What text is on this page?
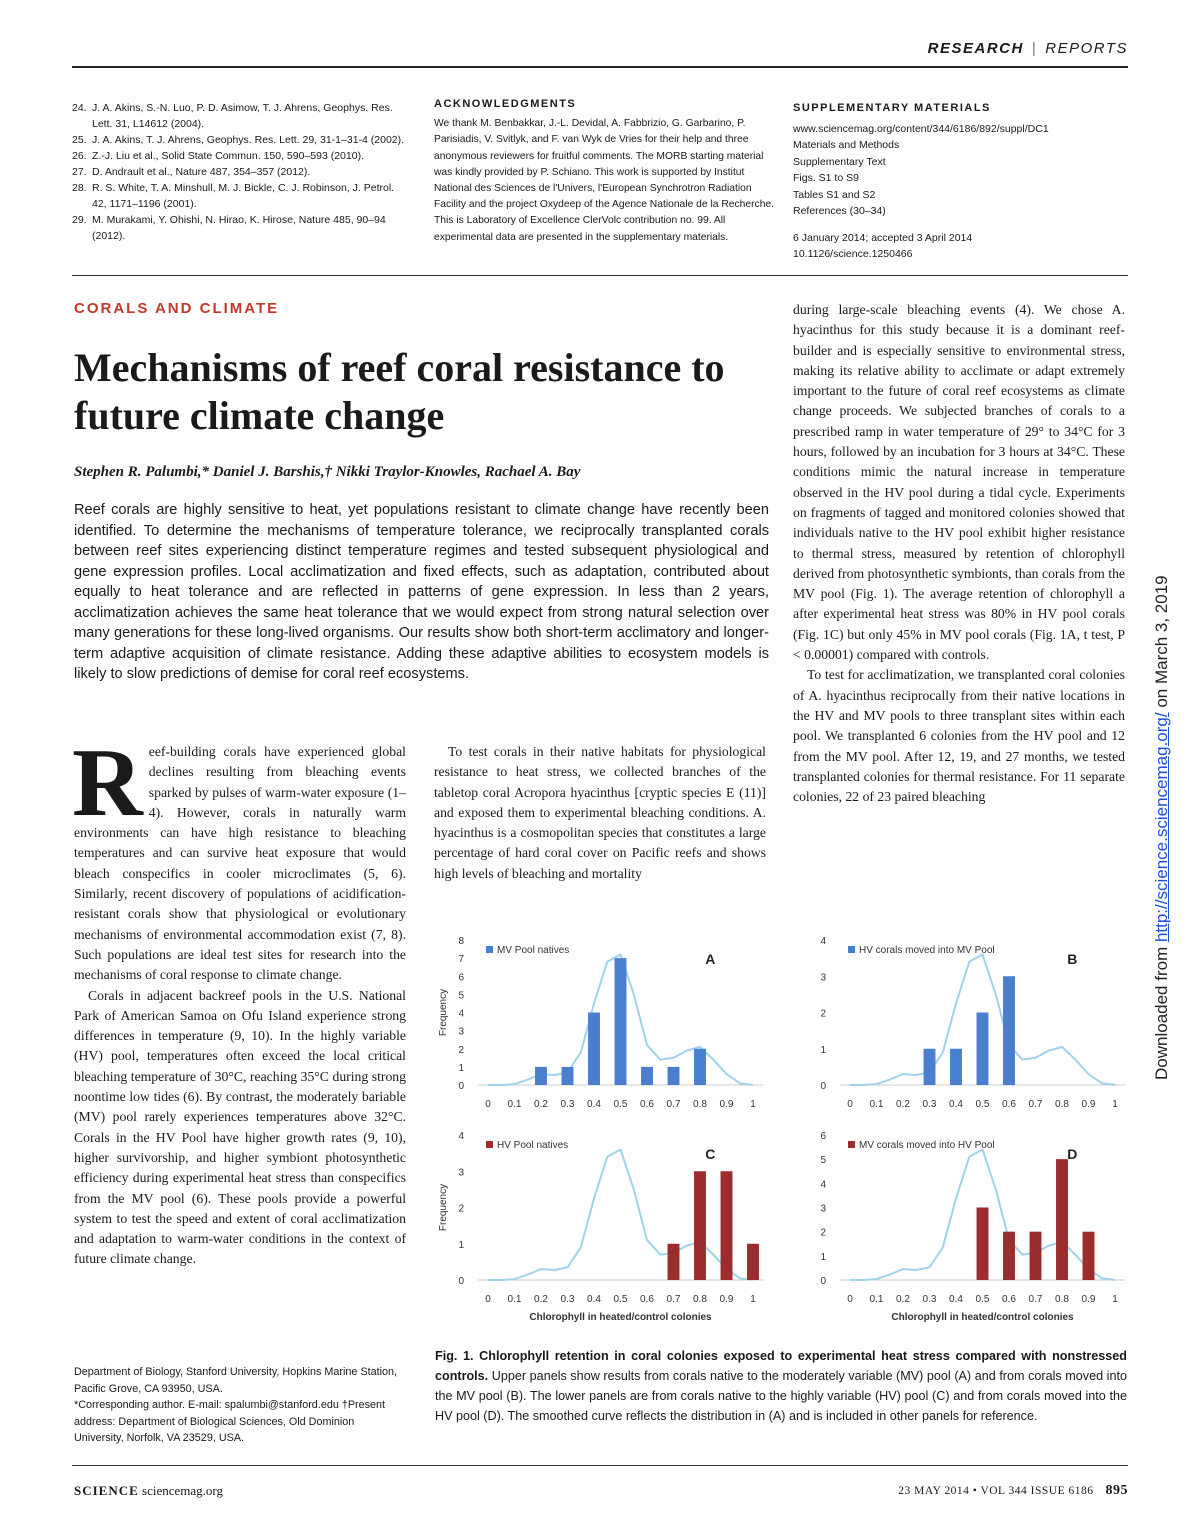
RESEARCH | REPORTS
24. J. A. Akins, S.-N. Luo, P. D. Asimow, T. J. Ahrens, Geophys. Res. Lett. 31, L14612 (2004).
25. J. A. Akins, T. J. Ahrens, Geophys. Res. Lett. 29, 31-1–31-4 (2002).
26. Z.-J. Liu et al., Solid State Commun. 150, 590–593 (2010).
27. D. Andrault et al., Nature 487, 354–357 (2012).
28. R. S. White, T. A. Minshull, M. J. Bickle, C. J. Robinson, J. Petrol. 42, 1171–1196 (2001).
29. M. Murakami, Y. Ohishi, N. Hirao, K. Hirose, Nature 485, 90–94 (2012).
ACKNOWLEDGMENTS
We thank M. Benbakkar, J.-L. Devidal, A. Fabbrizio, G. Garbarino, P. Parisiadis, V. Svitlyk, and F. van Wyk de Vries for their help and three anonymous reviewers for fruitful comments. The MORB starting material was kindly provided by P. Schiano. This work is supported by Institut National des Sciences de l'Univers, l'European Synchrotron Radiation Facility and the project Oxydeep of the Agence Nationale de la Recherche. This is Laboratory of Excellence ClerVolc contribution no. 99. All experimental data are presented in the supplementary materials.
SUPPLEMENTARY MATERIALS
www.sciencemag.org/content/344/6186/892/suppl/DC1
Materials and Methods
Supplementary Text
Figs. S1 to S9
Tables S1 and S2
References (30–34)
6 January 2014; accepted 3 April 2014
10.1126/science.1250466
CORALS AND CLIMATE
Mechanisms of reef coral resistance to future climate change
Stephen R. Palumbi,* Daniel J. Barshis,† Nikki Traylor-Knowles, Rachael A. Bay
Reef corals are highly sensitive to heat, yet populations resistant to climate change have recently been identified. To determine the mechanisms of temperature tolerance, we reciprocally transplanted corals between reef sites experiencing distinct temperature regimes and tested subsequent physiological and gene expression profiles. Local acclimatization and fixed effects, such as adaptation, contributed about equally to heat tolerance and are reflected in patterns of gene expression. In less than 2 years, acclimatization achieves the same heat tolerance that we would expect from strong natural selection over many generations for these long-lived organisms. Our results show both short-term acclimatory and longer-term adaptive acquisition of climate resistance. Adding these adaptive abilities to ecosystem models is likely to slow predictions of demise for coral reef ecosystems.

Reef-building corals have experienced global declines resulting from bleaching events sparked by pulses of warm-water exposure (1–4). However, corals in naturally warm environments can have high resistance to bleaching temperatures and can survive heat exposure that would bleach conspecifics in cooler microclimates (5, 6). Similarly, recent discovery of populations of acidification-resistant corals show that physiological or evolutionary mechanisms of environmental accommodation exist (7, 8). Such populations are ideal test sites for research into the mechanisms of coral response to climate change.

Corals in adjacent backreef pools in the U.S. National Park of American Samoa on Ofu Island experience strong differences in temperature (9, 10). In the highly variable (HV) pool, temperatures often exceed the local critical bleaching temperature of 30°C, reaching 35°C during strong noontime low tides (6). By contrast, the moderately bariable (MV) pool rarely experiences temperatures above 32°C. Corals in the HV Pool have higher growth rates (9, 10), higher survivorship, and higher symbiont photosynthetic efficiency during experimental heat stress than conspecifics from the MV pool (6). These pools provide a powerful system to test the speed and extent of coral acclimatization and adaptation to warm-water conditions in the context of future climate change.

To test corals in their native habitats for physiological resistance to heat stress, we collected branches of the tabletop coral Acropora hyacinthus [cryptic species E (11)] and exposed them to experimental bleaching conditions. A. hyacinthus is a cosmopolitan species that constitutes a large percentage of hard coral cover on Pacific reefs and shows high levels of bleaching and mortality

during large-scale bleaching events (4). We chose A. hyacinthus for this study because it is a dominant reef-builder and is especially sensitive to environmental stress, making its relative ability to acclimate or adapt extremely important to the future of coral reef ecosystems as climate change proceeds. We subjected branches of corals to a prescribed ramp in water temperature of 29° to 34°C for 3 hours, followed by an incubation for 3 hours at 34°C. These conditions mimic the natural increase in temperature observed in the HV pool during a tidal cycle. Experiments on fragments of tagged and monitored colonies showed that individuals native to the HV pool exhibit higher resistance to thermal stress, measured by retention of chlorophyll derived from photosynthetic symbionts, than corals from the MV pool (Fig. 1). The average retention of chlorophyll a after experimental heat stress was 80% in HV pool corals (Fig. 1C) but only 45% in MV pool corals (Fig. 1A, t test, P < 0.00001) compared with controls.

To test for acclimatization, we transplanted coral colonies of A. hyacinthus reciprocally from their native locations in the HV and MV pools to three transplant sites within each pool. We transplanted 6 colonies from the HV pool and 12 from the MV pool. After 12, 19, and 27 months, we tested transplanted colonies for thermal resistance. For 11 separate colonies, 22 of 23 paired bleaching

Department of Biology, Stanford University, Hopkins Marine Station, Pacific Grove, CA 93950, USA.

*Corresponding author. E-mail: spalumbi@stanford.edu †Present address: Department of Biological Sciences, Old Dominion University, Norfolk, VA 23529, USA.

0
1
2
3
4
5
6
7
8
0 0.1 0.2 0.3 0.4 0.5 0.6 0.7 0.8 0.9 1
MV Pool natives
A
Frequency
0
1
2
3
4
0 0.1 0.2 0.3 0.4 0.5 0.6 0.7 0.8 0.9 1
HV corals moved into MV Pool
B
0
1
2
3
4
0 0.1 0.2 0.3 0.4 0.5 0.6 0.7 0.8 0.9 1
HV Pool natives
C
Frequency
Chlorophyll in heated/control colonies
0
1
2
3
4
5
6
0 0.1 0.2 0.3 0.4 0.5 0.6 0.7 0.8 0.9 1
MV corals moved into HV Pool
D
Chlorophyll in heated/control colonies
Fig. 1. Chlorophyll retention in coral colonies exposed to experimental heat stress compared with nonstressed controls. Upper panels show results from corals native to the moderately variable (MV) pool (A) and from corals moved into the MV pool (B). The lower panels are from corals native to the highly variable (HV) pool (C) and from corals moved into the HV pool (D). The smoothed curve reflects the distribution in (A) and is included in other panels for reference.
SCIENCE sciencemag.org	23 MAY 2014 • VOL 344 ISSUE 6186 895
Downloaded from http://science.sciencemag.org/ on March 3, 2019
